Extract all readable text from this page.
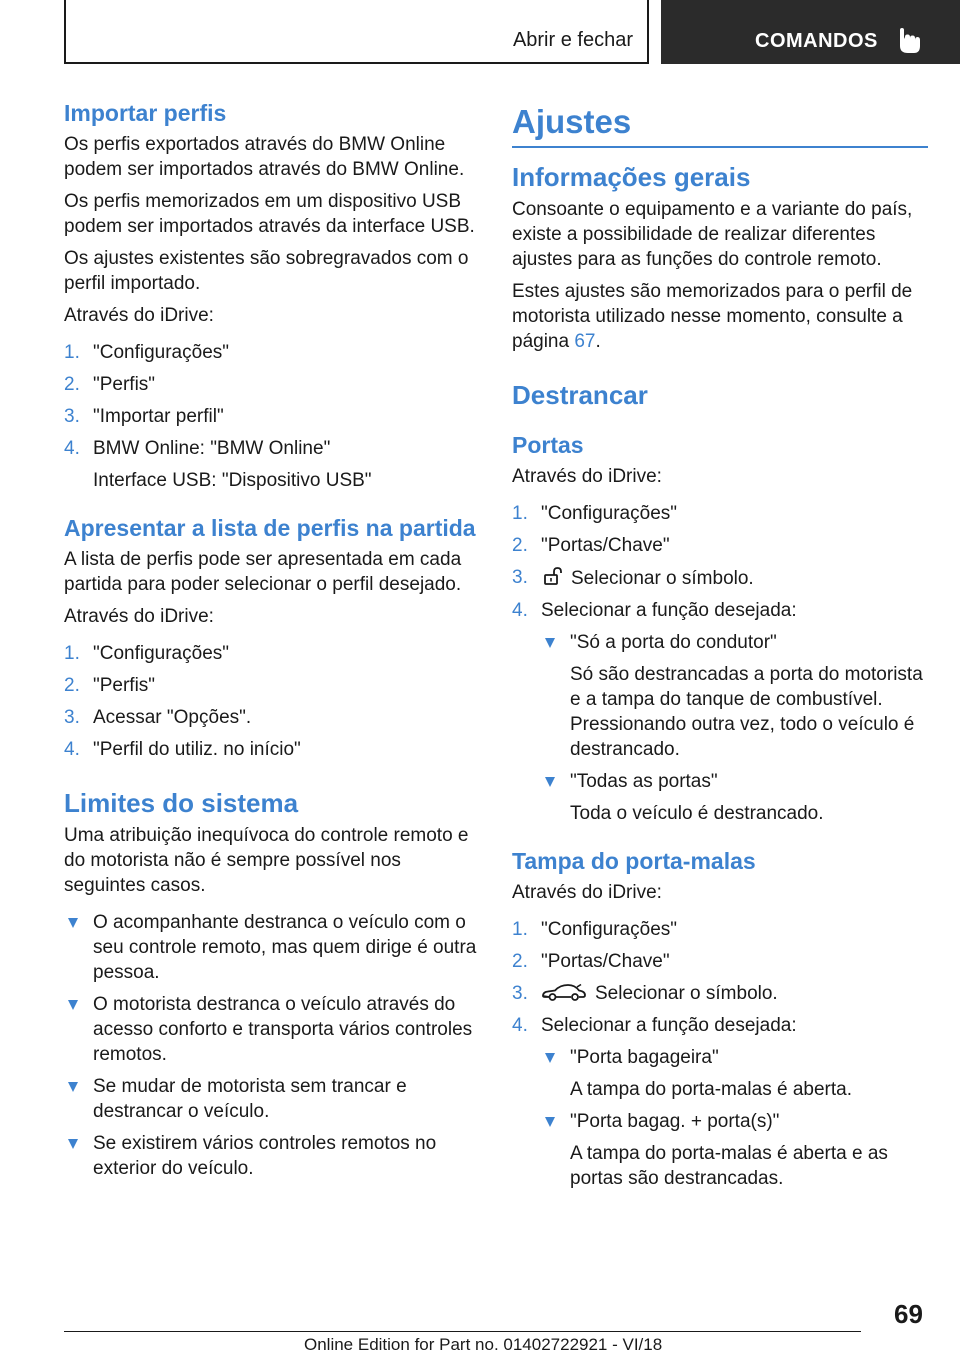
Abrir e fechar	COMANDOS
Importar perfis

Os perfis exportados através do BMW Online podem ser importados através do BMW Online.

Os perfis memorizados em um dispositivo USB podem ser importados através da interface USB.

Os ajustes existentes são sobregravados com o perfil importado.

Através do iDrive:

1. "Configurações"
2. "Perfis"
3. "Importar perfil"
4. BMW Online: "BMW Online"
Interface USB: "Dispositivo USB"
Apresentar a lista de perfis na partida

A lista de perfis pode ser apresentada em cada partida para poder selecionar o perfil desejado.

Através do iDrive:

1. "Configurações"
2. "Perfis"
3. Acessar "Opções".
4. "Perfil do utiliz. no início"
Limites do sistema

Uma atribuição inequívoca do controle remoto e do motorista não é sempre possível nos seguintes casos.

O acompanhante destranca o veículo com o seu controle remoto, mas quem dirige é outra pessoa.
O motorista destranca o veículo através do acesso conforto e transporta vários controles remotos.
Se mudar de motorista sem trancar e destrancar o veículo.
Se existirem vários controles remotos no exterior do veículo.
Ajustes
Informações gerais

Consoante o equipamento e a variante do país, existe a possibilidade de realizar diferentes ajustes para as funções do controle remoto.

Estes ajustes são memorizados para o perfil de motorista utilizado nesse momento, consulte a página 67.

Destrancar
Portas

Através do iDrive:

1. "Configurações"
2. "Portas/Chave"
3. Selecionar o símbolo.
4. Selecionar a função desejada:
"Só a porta do condutor"
Só são destrancadas a porta do motorista e a tampa do tanque de combustível. Pressionando outra vez, todo o veículo é destrancado.
"Todas as portas"
Toda o veículo é destrancado.
Tampa do porta-malas

Através do iDrive:

1. "Configurações"
2. "Portas/Chave"
3.	Selecionar o símbolo.
4. Selecionar a função desejada:
"Porta bagageira"
A tampa do porta-malas é aberta.
"Porta bagag. + porta(s)"
A tampa do porta-malas é aberta e as portas são destrancadas.
69
Online Edition for Part no. 01402722921 - VI/18
